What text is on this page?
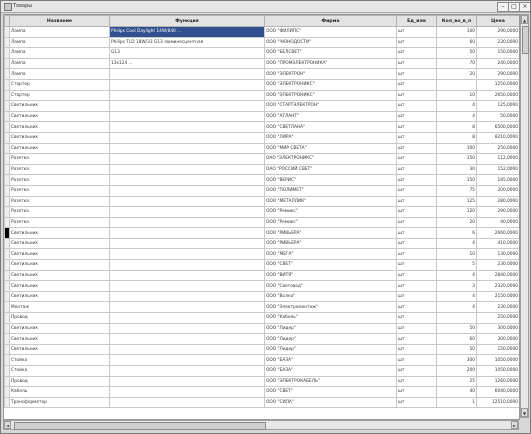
Товары	–	□ ×
	Название	Функция	Фирма	Ед_изм	Кол_во_в_п	Цена
	Лампа	Philips Cool Daylight 14W/840 ...	ООО "ФИЛИПС"	шт	100	290,0000
	Лампа	Philips TLD 18W/33 G13 люминесцентная	ООО "ЧЮНОДОСТИ"	шт	60	230,0000
	Лампа	G13	ООО "БЕЛСВЕТ"	шт	50	150,0000
	Лампа	13x124 ...	ООО "ПРОМЭЛЕКТРОНИКА"	шт	70	240,0000
	Лампа		ООО "ЭЛЕКТРОН"	шт	20	290,0000
	Стартер		ООО "ЭЛЕКТРОНИКС"	шт		1250,0000
	Стартер		ООО "ЭЛЕКТРОНИКС"	шт	10	2650,0000
	Светильник		ООО "СТАРТЭЛЕКТРОН"	шт	4	125,0000
	Светильник		ООО "АТЛАНТ"	шт	4	50,0000
	Светильник		ООО "СВЕТЛАНА"	шт	8	6500,0000
	Светильник		ООО "ЛИРА"	шт	8	8210,0000
	Светильник		ООО "МИР СВЕТА"	шт	100	250,0000
	Розетка		ОАО "ЭЛЕКТРОНИКС"	шт	150	112,0000
	Розетка		ОАО "РОССИЙ СВЕТ"	шт	30	152,0000
	Розетка		ООО "ВЕРИС"	шт	150	185,0000
	Розетка		ООО "ПОЛИМЕТ"	шт	75	200,0000
	Розетка		ООО "МЕТАЛЛИК"	шт	125	280,0000
	Розетка		ООО "Ремикс"	шт	120	290,0000
	Розетка		ООО "Ремикс"	шт	20	40,0000
	Светильник		ООО "РИВЬЕРА"	шт	6	2660,0000
	Светильник		ООО "РИВЬЕРА"	шт	4	410,0000
	Светильник		ООО "МЕГА"	шт	10	130,0000
	Светильник		ООО "СВЕТ"	шт	5	230,0000
	Светильник		ООО "ВИТЯ"	шт	4	2840,0000
	Светильник		ООО "Световод"	шт	3	2320,0000
	Светильник		ООО "Волна"	шт	4	2150,0000
	Монтаж		ООО "Электромонтаж"	шт	4	230,0000
	Провод		ООО "Кабель"	шт		250,0000
	Светильник		ООО "Лидер"	шт	50	300,0000
	Светильник		ООО "Лидер"	шт	60	300,0000
	Светильник		ООО "Лидер"	шт	50	150,0000
	Стойка		ООО "БАЗА"	шт	300	1050,0000
	Стойка		ООО "БАЗА"	шт	200	1050,0000
	Провод		ООО "ЭЛЕКТРОКАБЕЛЬ"	шт	25	1260,0000
	Кабель		ООО "СВЕТ"	шт	40	6040,0000
	Трансформатор		ООО "СИЛА"	шт	1	12510,0000
▲
▼
◄	►
